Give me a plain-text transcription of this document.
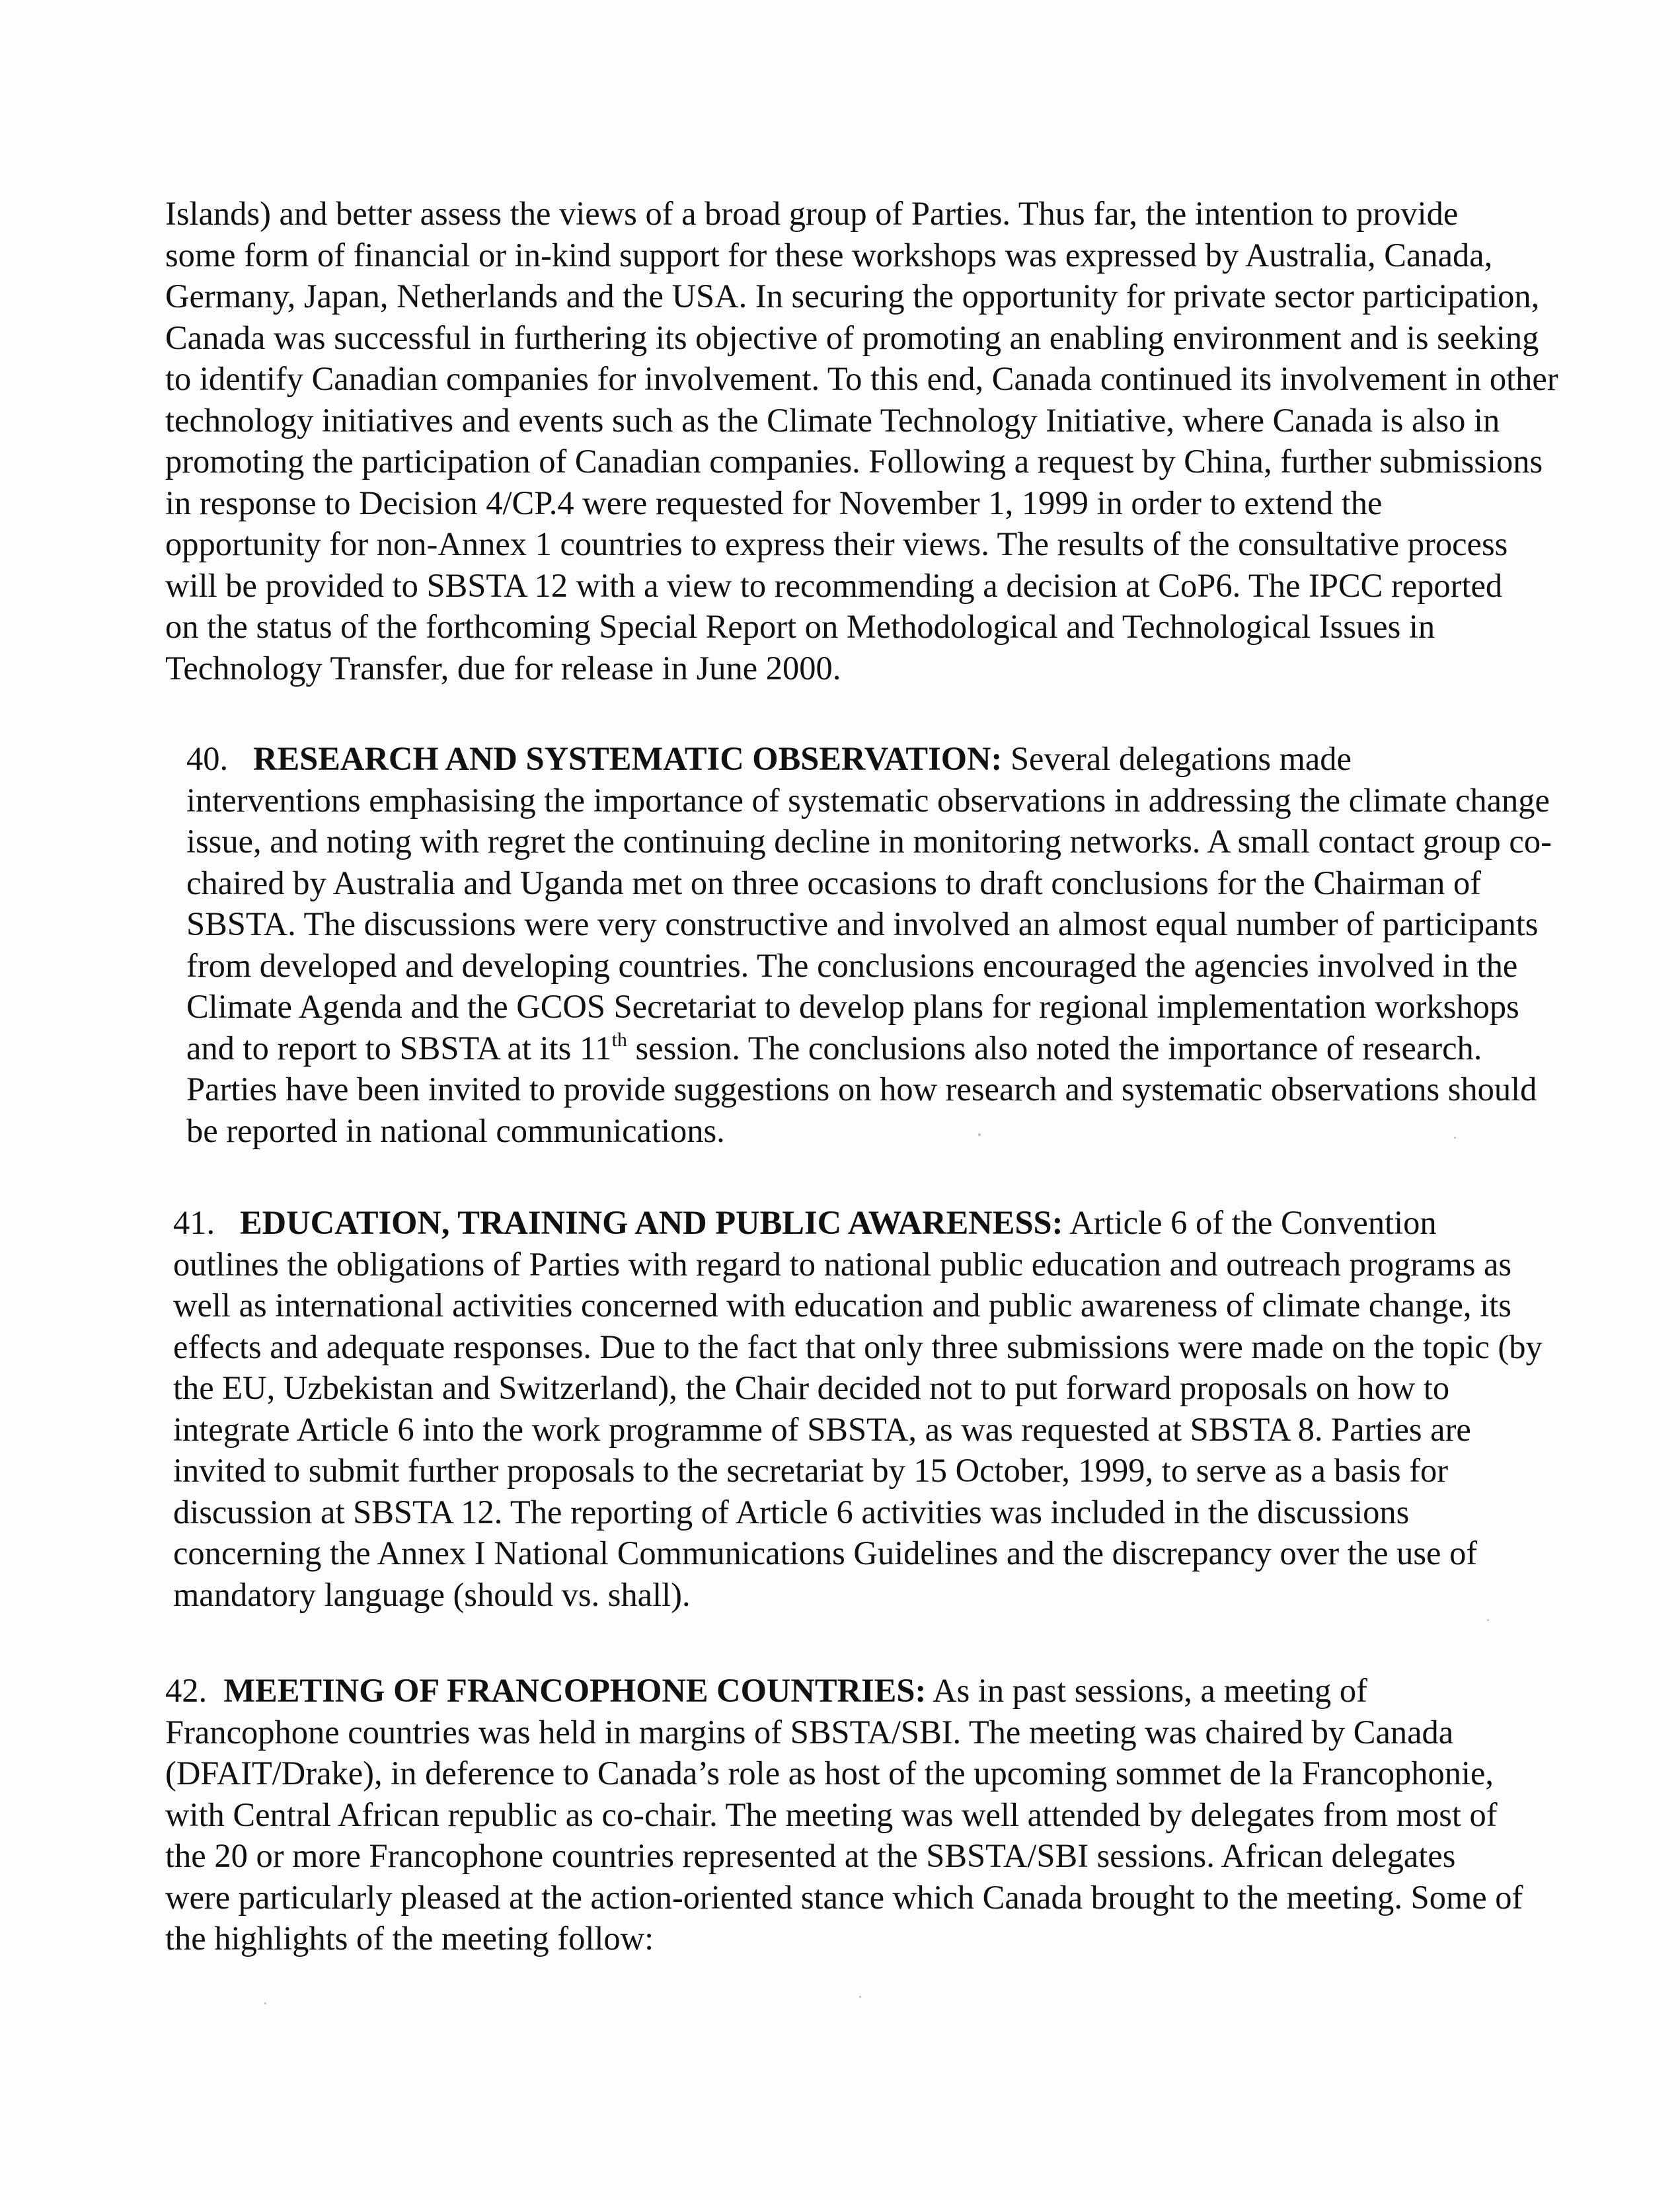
Islands) and better assess the views of a broad group of Parties. Thus far, the intention to provide
some form of financial or in-kind support for these workshops was expressed by Australia, Canada,
Germany, Japan, Netherlands and the USA. In securing the opportunity for private sector participation,
Canada was successful in furthering its objective of promoting an enabling environment and is seeking
to identify Canadian companies for involvement. To this end, Canada continued its involvement in other
technology initiatives and events such as the Climate Technology Initiative, where Canada is also in
promoting the participation of Canadian companies. Following a request by China, further submissions
in response to Decision 4/CP.4 were requested for November 1, 1999 in order to extend the
opportunity for non-Annex 1 countries to express their views. The results of the consultative process
will be provided to SBSTA 12 with a view to recommending a decision at CoP6. The IPCC reported
on the status of the forthcoming Special Report on Methodological and Technological Issues in
Technology Transfer, due for release in June 2000.
40. RESEARCH AND SYSTEMATIC OBSERVATION: Several delegations made
interventions emphasising the importance of systematic observations in addressing the climate change
issue, and noting with regret the continuing decline in monitoring networks. A small contact group co-
chaired by Australia and Uganda met on three occasions to draft conclusions for the Chairman of
SBSTA. The discussions were very constructive and involved an almost equal number of participants
from developed and developing countries. The conclusions encouraged the agencies involved in the
Climate Agenda and the GCOS Secretariat to develop plans for regional implementation workshops
and to report to SBSTA at its 11th session. The conclusions also noted the importance of research.
Parties have been invited to provide suggestions on how research and systematic observations should
be reported in national communications.
41. EDUCATION, TRAINING AND PUBLIC AWARENESS: Article 6 of the Convention
outlines the obligations of Parties with regard to national public education and outreach programs as
well as international activities concerned with education and public awareness of climate change, its
effects and adequate responses. Due to the fact that only three submissions were made on the topic (by
the EU, Uzbekistan and Switzerland), the Chair decided not to put forward proposals on how to
integrate Article 6 into the work programme of SBSTA, as was requested at SBSTA 8. Parties are
invited to submit further proposals to the secretariat by 15 October, 1999, to serve as a basis for
discussion at SBSTA 12. The reporting of Article 6 activities was included in the discussions
concerning the Annex I National Communications Guidelines and the discrepancy over the use of
mandatory language (should vs. shall).
42. MEETING OF FRANCOPHONE COUNTRIES: As in past sessions, a meeting of
Francophone countries was held in margins of SBSTA/SBI. The meeting was chaired by Canada
(DFAIT/Drake), in deference to Canada’s role as host of the upcoming sommet de la Francophonie,
with Central African republic as co-chair. The meeting was well attended by delegates from most of
the 20 or more Francophone countries represented at the SBSTA/SBI sessions. African delegates
were particularly pleased at the action-oriented stance which Canada brought to the meeting. Some of
the highlights of the meeting follow:
